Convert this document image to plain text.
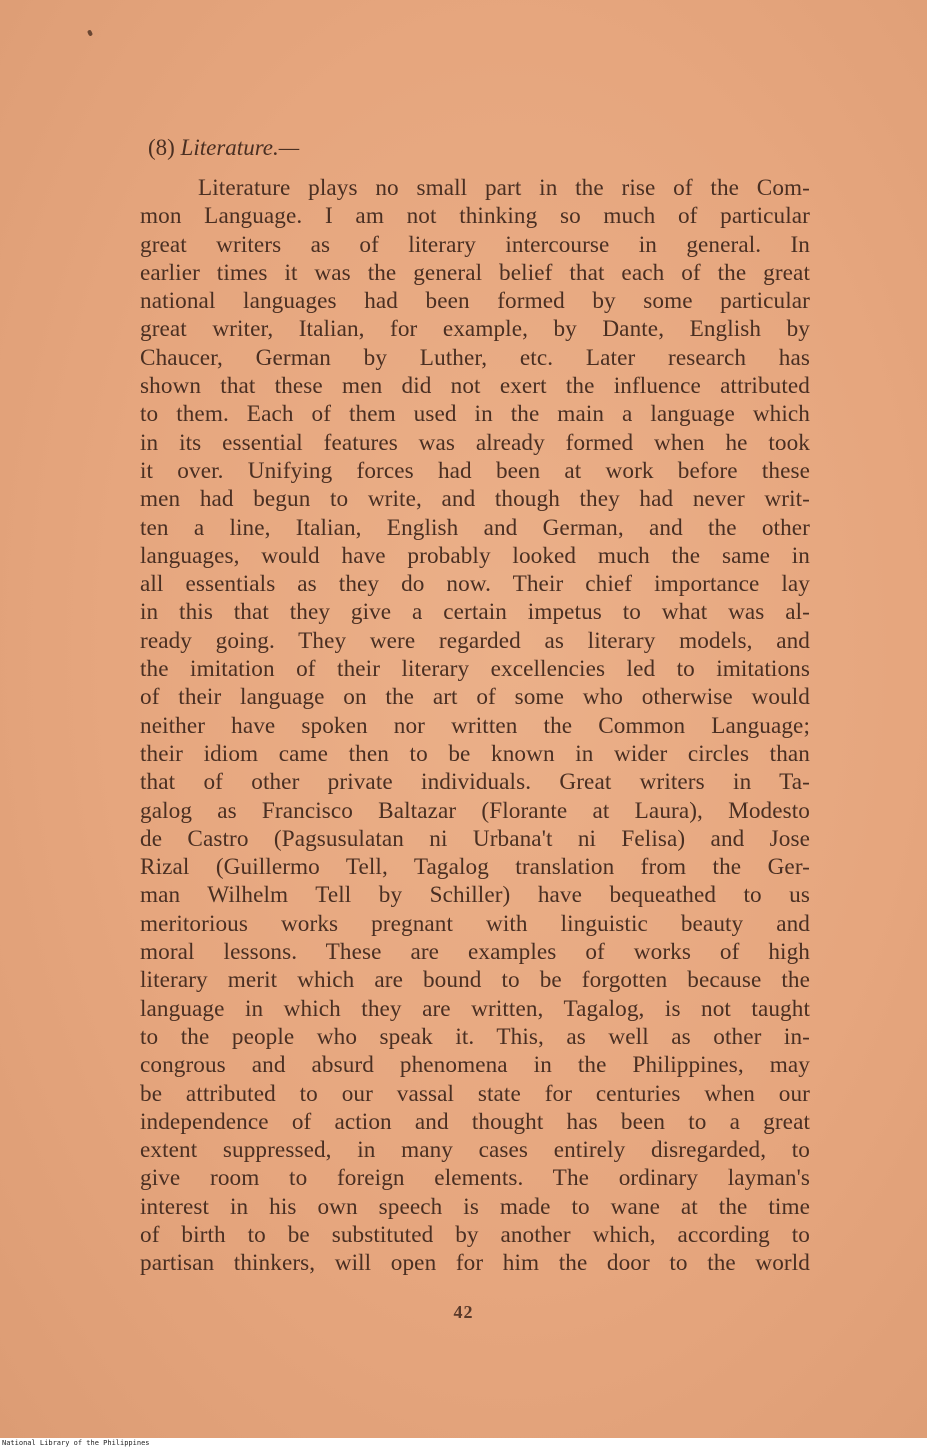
(8) Literature.—
Literature plays no small part in the rise of the Com-
mon Language. I am not thinking so much of particular
great writers as of literary intercourse in general. In
earlier times it was the general belief that each of the great
national languages had been formed by some particular
great writer, Italian, for example, by Dante, English by
Chaucer, German by Luther, etc. Later research has
shown that these men did not exert the influence attributed
to them. Each of them used in the main a language which
in its essential features was already formed when he took
it over. Unifying forces had been at work before these
men had begun to write, and though they had never writ-
ten a line, Italian, English and German, and the other
languages, would have probably looked much the same in
all essentials as they do now. Their chief importance lay
in this that they give a certain impetus to what was al-
ready going. They were regarded as literary models, and
the imitation of their literary excellencies led to imitations
of their language on the art of some who otherwise would
neither have spoken nor written the Common Language;
their idiom came then to be known in wider circles than
that of other private individuals. Great writers in Ta-
galog as Francisco Baltazar (Florante at Laura), Modesto
de Castro (Pagsusulatan ni Urbana't ni Felisa) and Jose
Rizal (Guillermo Tell, Tagalog translation from the Ger-
man Wilhelm Tell by Schiller) have bequeathed to us
meritorious works pregnant with linguistic beauty and
moral lessons. These are examples of works of high
literary merit which are bound to be forgotten because the
language in which they are written, Tagalog, is not taught
to the people who speak it. This, as well as other in-
congrous and absurd phenomena in the Philippines, may
be attributed to our vassal state for centuries when our
independence of action and thought has been to a great
extent suppressed, in many cases entirely disregarded, to
give room to foreign elements. The ordinary layman's
interest in his own speech is made to wane at the time
of birth to be substituted by another which, according to
partisan thinkers, will open for him the door to the world
42
National Library of the Philippines
